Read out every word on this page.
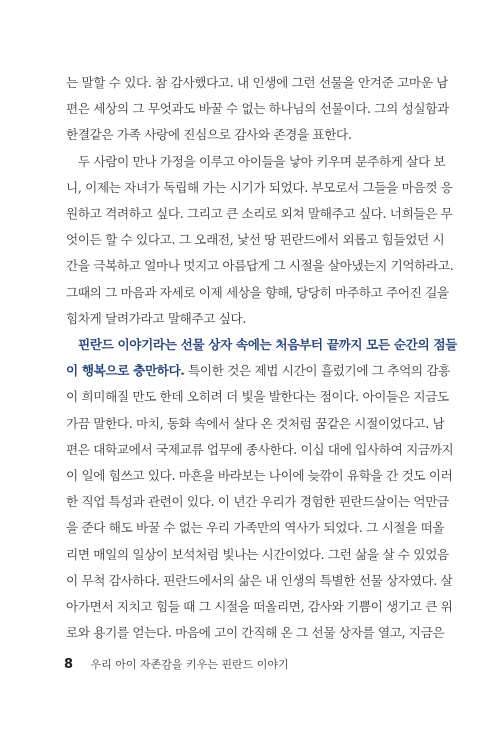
는 말할 수 있다. 참 감사했다고. 내 인생에 그런 선물을 안겨준 고마운 남
편은 세상의 그 무엇과도 바꿀 수 없는 하나님의 선물이다. 그의 성실함과
한결같은 가족 사랑에 진심으로 감사와 존경을 표한다.

두 사람이 만나 가정을 이루고 아이들을 낳아 키우며 분주하게 살다 보
니, 이제는 자녀가 독립해 가는 시기가 되었다. 부모로서 그들을 마음껏 응
원하고 격려하고 싶다. 그리고 큰 소리로 외쳐 말해주고 싶다. 너희들은 무
엇이든 할 수 있다고. 그 오래전, 낯선 땅 핀란드에서 외롭고 힘들었던 시
간을 극복하고 얼마나 멋지고 아름답게 그 시절을 살아냈는지 기억하라고.
그때의 그 마음과 자세로 이제 세상을 향해, 당당히 마주하고 주어진 길을
힘차게 달려가라고 말해주고 싶다.

핀란드 이야기라는 선물 상자 속에는 처음부터 끝까지 모든 순간의 점들
이 행복으로 충만하다. 특이한 것은 제법 시간이 흘렀기에 그 추억의 감흥
이 희미해질 만도 한데 오히려 더 빛을 발한다는 점이다. 아이들은 지금도
가끔 말한다. 마치, 동화 속에서 살다 온 것처럼 꿈같은 시절이었다고. 남
편은 대학교에서 국제교류 업무에 종사한다. 이십 대에 입사하여 지금까지
이 일에 힘쓰고 있다. 마흔을 바라보는 나이에 늦깎이 유학을 간 것도 이러
한 직업 특성과 관련이 있다. 이 년간 우리가 경험한 핀란드살이는 억만금
을 준다 해도 바꿀 수 없는 우리 가족만의 역사가 되었다. 그 시절을 떠올
리면 매일의 일상이 보석처럼 빛나는 시간이었다. 그런 삶을 살 수 있었음
이 무척 감사하다. 핀란드에서의 삶은 내 인생의 특별한 선물 상자였다. 살
아가면서 지치고 힘들 때 그 시절을 떠올리면, 감사와 기쁨이 생기고 큰 위
로와 용기를 얻는다. 마음에 고이 간직해 온 그 선물 상자를 열고, 지금은

8 우리 아이 자존감을 키우는 핀란드 이야기
